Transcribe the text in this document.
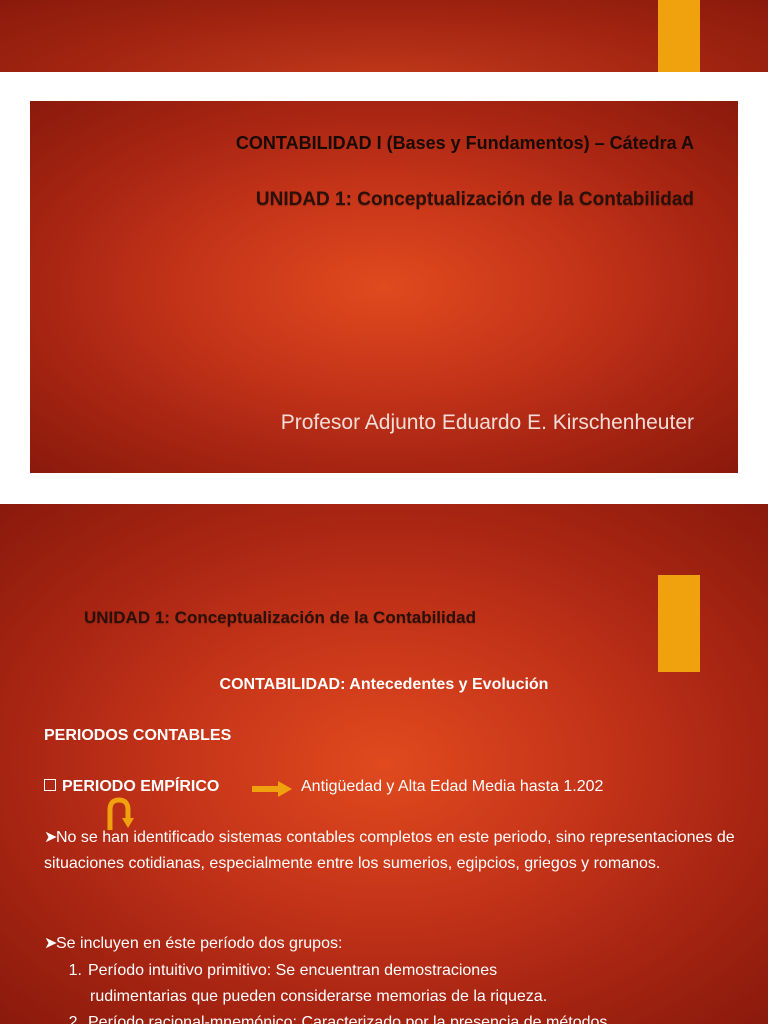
CONTABILIDAD I (Bases y Fundamentos) – Cátedra A
UNIDAD 1: Conceptualización de la Contabilidad

Profesor Adjunto Eduardo E. Kirschenheuter

UNIDAD 1: Conceptualización de la Contabilidad
CONTABILIDAD: Antecedentes y Evolución

PERIODOS CONTABLES

PERIODO EMPÍRICO	Antigüedad y Alta Edad Media hasta 1.202

➤No se han identificado sistemas contables completos en este periodo, sino representaciones de situaciones cotidianas, especialmente entre los sumerios, egipcios, griegos y romanos.

➤Se incluyen en éste período dos grupos:

1. Período intuitivo primitivo: Se encuentran demostraciones
rudimentarias que pueden considerarse memorias de la riqueza.
2. Período racional-mnemónico: Caracterizado por la presencia de métodos
